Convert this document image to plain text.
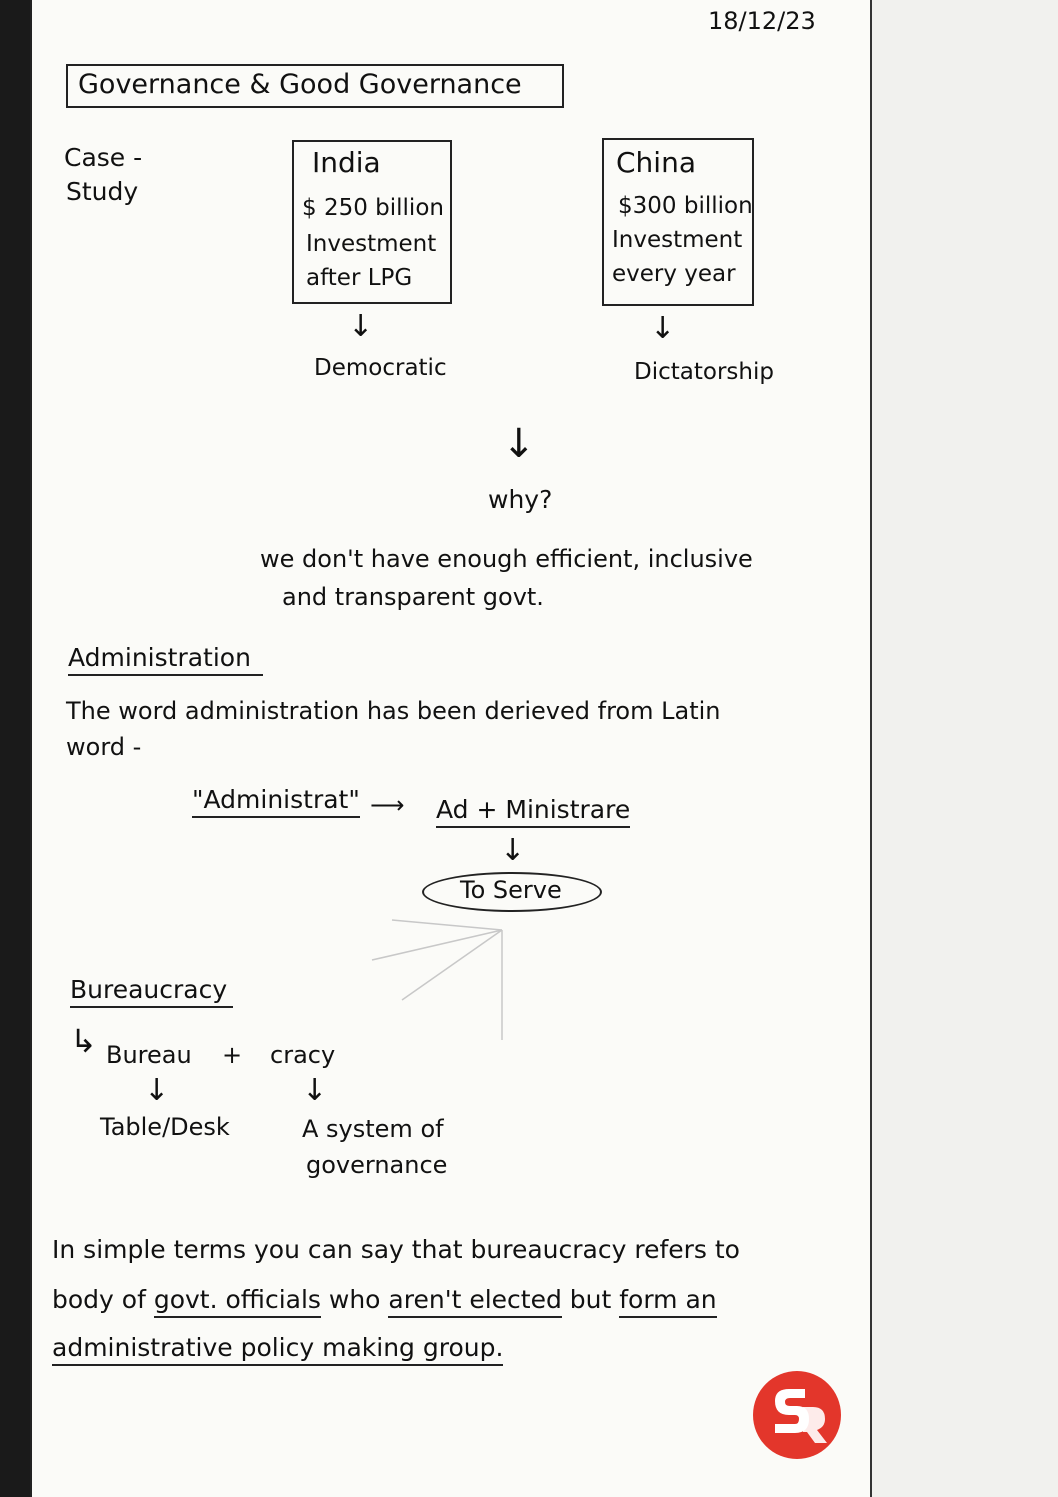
18/12/23
Governance & Good Governance
Case -
Study
India
$ 250 billion
Investment
after LPG
↓
Democratic
China
$300 billion
Investment
every year
↓
Dictatorship
↓
why?
we don't have enough efficient, inclusive
and transparent govt.
Administration
The word administration has been derieved from Latin
word -
"Administrat" ⟶ Ad + Ministrare
↓
To Serve
Bureaucracy
↳ Bureau + cracy
↓	↓
Table/Desk	A system of
governance
In simple terms you can say that bureaucracy refers to
body of govt. officials who aren't elected but form an
administrative policy making group.
